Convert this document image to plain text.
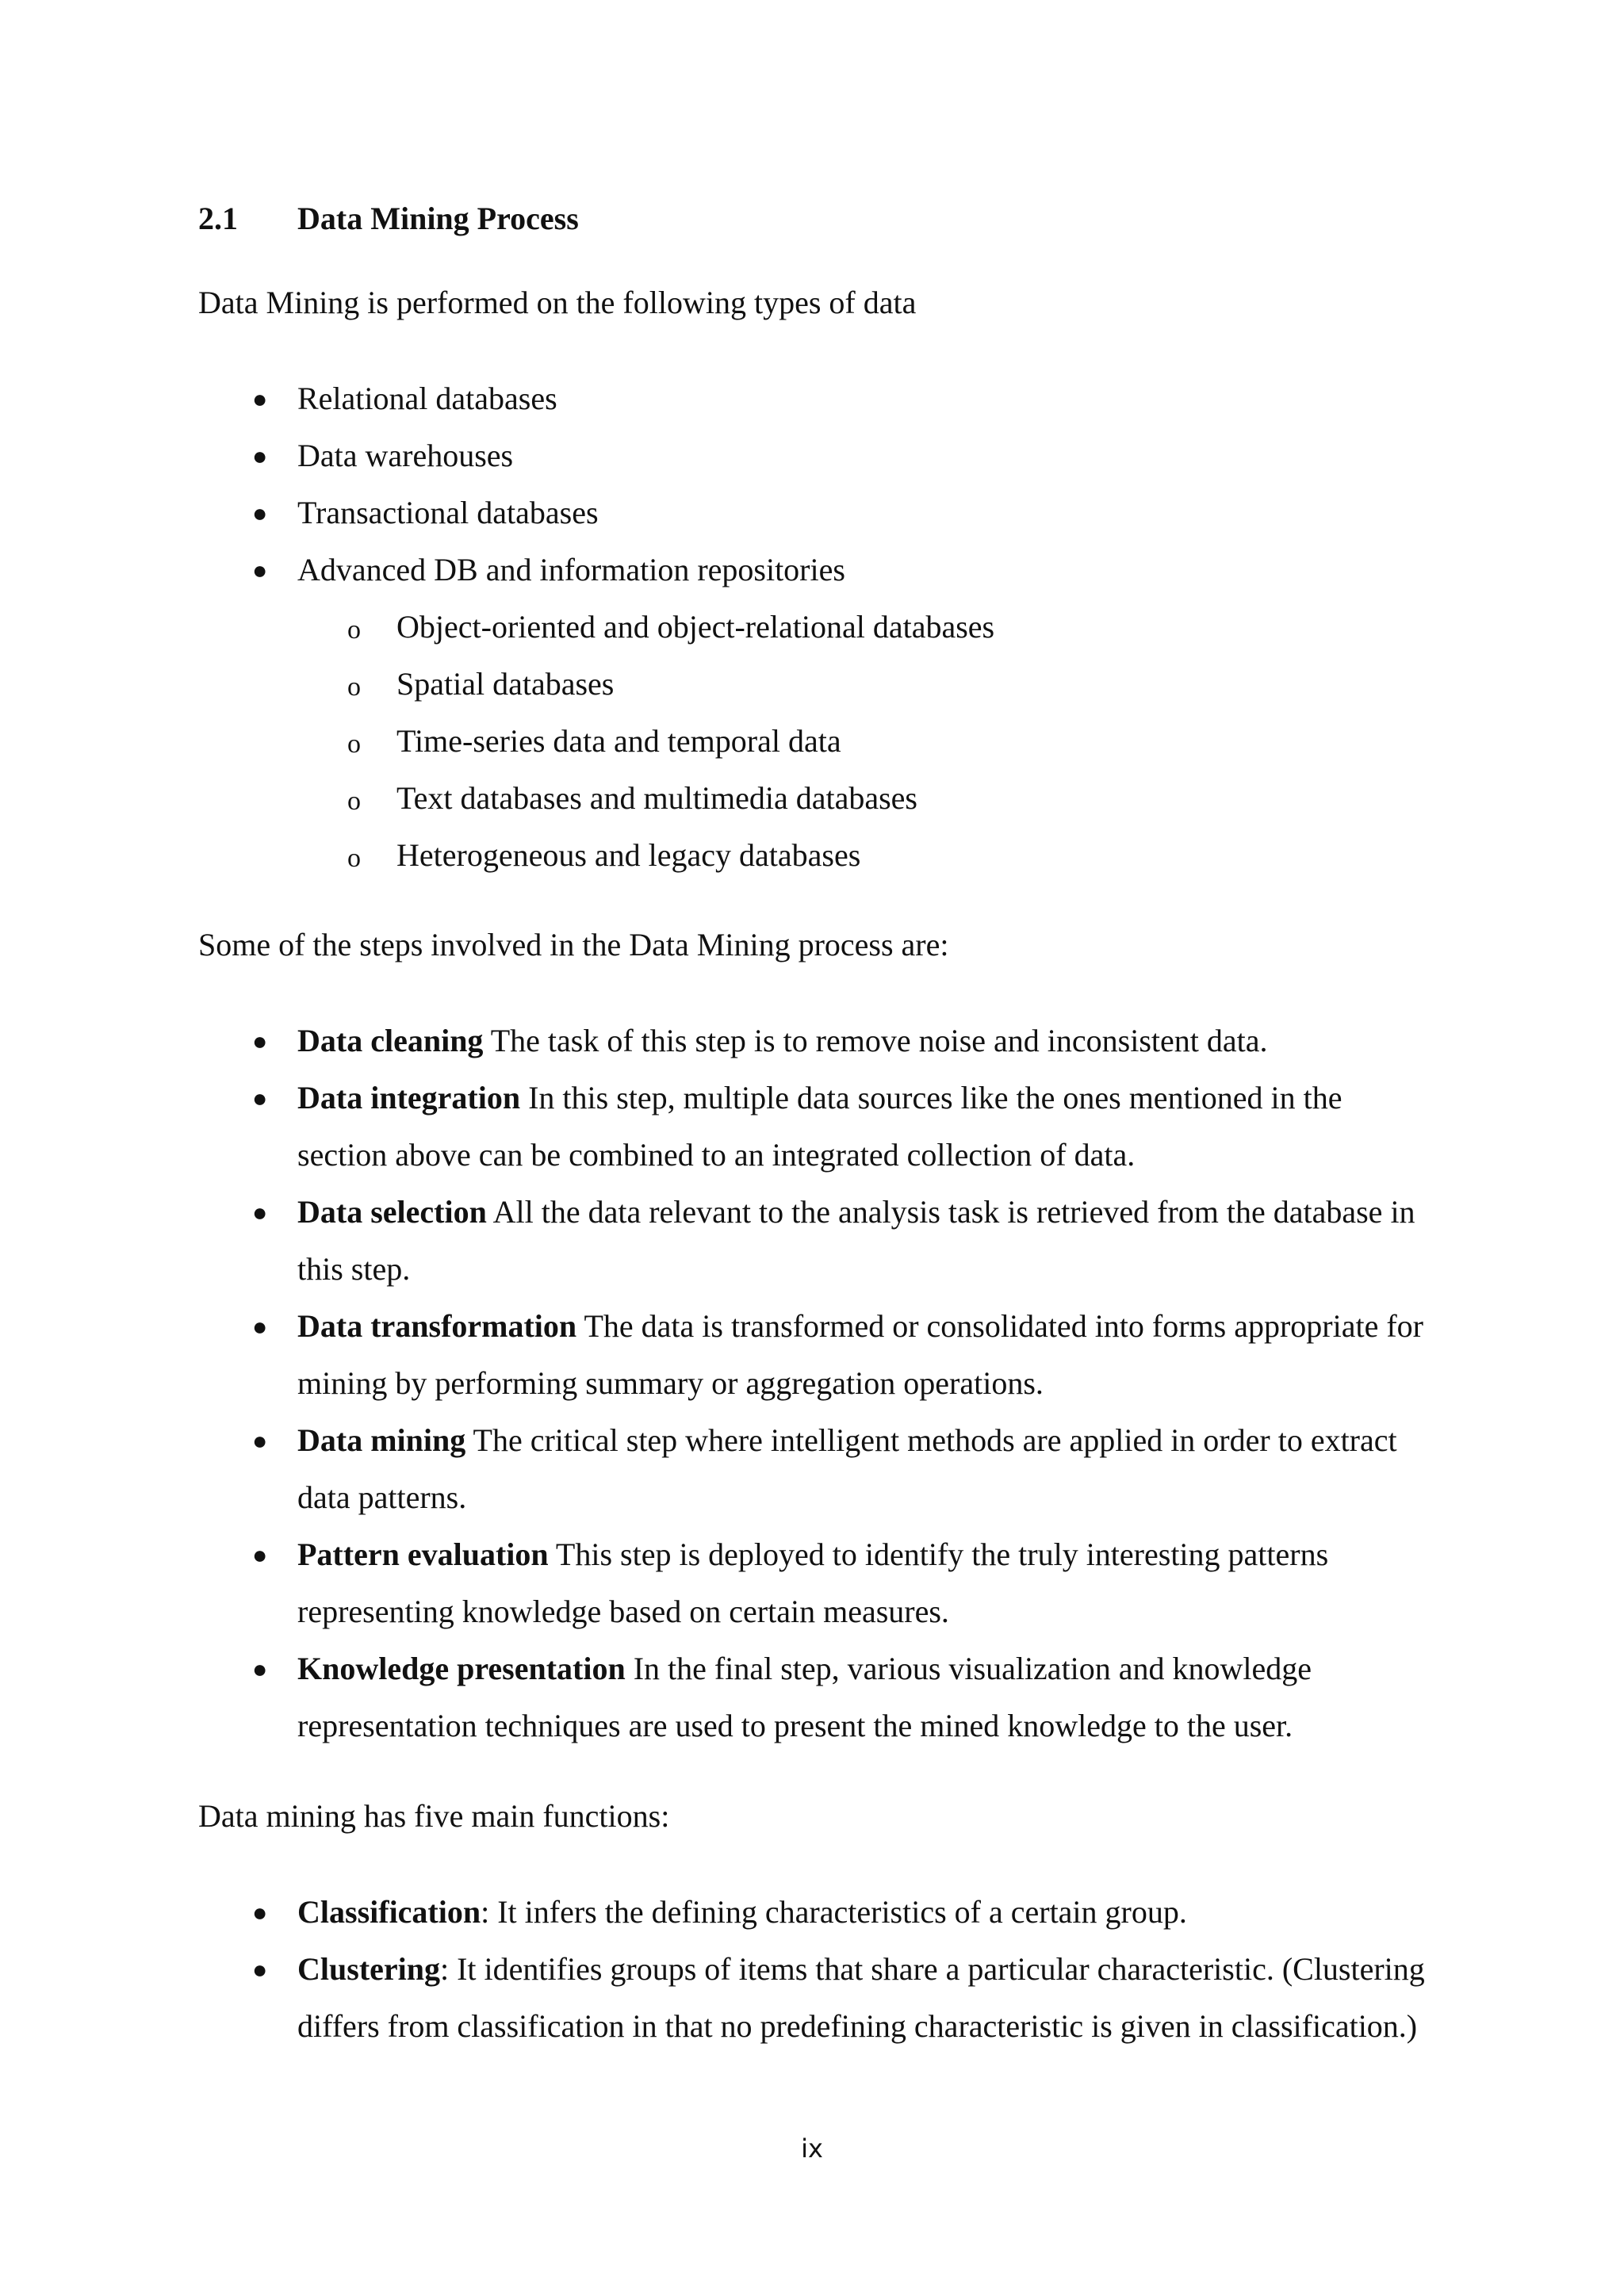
2.1 Data Mining Process

Data Mining is performed on the following types of data

● Relational databases
● Data warehouses
● Transactional databases
● Advanced DB and information repositories
o Object-oriented and object-relational databases
o Spatial databases
o Time-series data and temporal data
o Text databases and multimedia databases
o Heterogeneous and legacy databases

Some of the steps involved in the Data Mining process are:

● Data cleaning The task of this step is to remove noise and inconsistent data.
● Data integration In this step, multiple data sources like the ones mentioned in the section above can be combined to an integrated collection of data.
● Data selection All the data relevant to the analysis task is retrieved from the database in this step.
● Data transformation The data is transformed or consolidated into forms appropriate for mining by performing summary or aggregation operations.
● Data mining The critical step where intelligent methods are applied in order to extract data patterns.
● Pattern evaluation This step is deployed to identify the truly interesting patterns representing knowledge based on certain measures.
● Knowledge presentation In the final step, various visualization and knowledge representation techniques are used to present the mined knowledge to the user.

Data mining has five main functions:

● Classification: It infers the defining characteristics of a certain group.
● Clustering: It identifies groups of items that share a particular characteristic. (Clustering differs from classification in that no predefining characteristic is given in classification.)
ix
